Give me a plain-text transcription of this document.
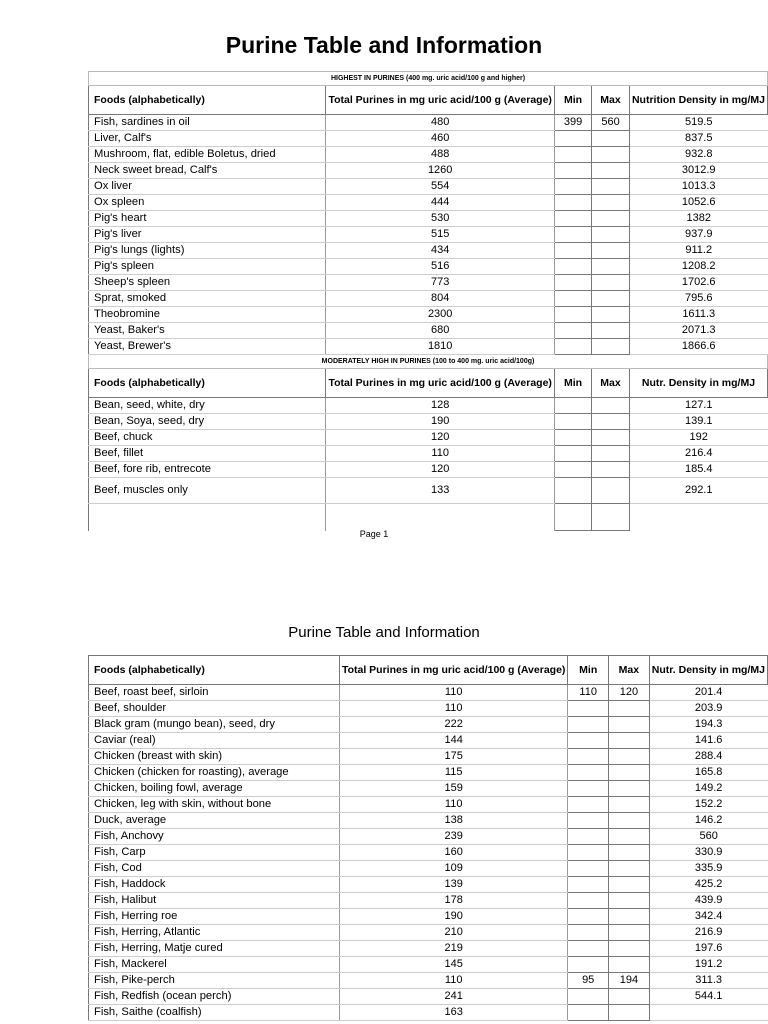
Purine Table and Information
HIGHEST IN PURINES (400 mg. uric acid/100 g and higher)				
Foods (alphabetically)	Total Purines in mg uric acid/100 g (Average)	Min	Max	Nutrition Density in mg/MJ
Fish, sardines in oil	480	399	560	519.5
Liver, Calf's	460			837.5
Mushroom, flat, edible Boletus, dried	488			932.8
Neck sweet bread, Calf's	1260			3012.9
Ox liver	554			1013.3
Ox spleen	444			1052.6
Pig's heart	530			1382
Pig's liver	515			937.9
Pig's lungs (lights)	434			911.2
Pig's spleen	516			1208.2
Sheep's spleen	773			1702.6
Sprat, smoked	804			795.6
Theobromine	2300			1611.3
Yeast, Baker's	680			2071.3
Yeast, Brewer's	1810			1866.6
MODERATELY HIGH IN PURINES (100 to 400 mg. uric acid/100g)				
Foods (alphabetically)	Total Purines in mg uric acid/100 g (Average)	Min	Max	Nutr. Density in mg/MJ
Bean, seed, white, dry	128			127.1
Bean, Soya, seed, dry	190			139.1
Beef, chuck	120			192
Beef, fillet	110			216.4
Beef, fore rib, entrecote	120			185.4
Beef, muscles only	133			292.1

Page 1
Purine Table and Information
Foods (alphabetically)	Total Purines in mg uric acid/100 g (Average)	Min	Max	Nutr. Density in mg/MJ
Beef, roast beef, sirloin	110	110	120	201.4
Beef, shoulder	110			203.9
Black gram (mungo bean), seed, dry	222			194.3
Caviar (real)	144			141.6
Chicken (breast with skin)	175			288.4
Chicken (chicken for roasting), average	115			165.8
Chicken, boiling fowl, average	159			149.2
Chicken, leg with skin, without bone	110			152.2
Duck, average	138			146.2
Fish, Anchovy	239			560
Fish, Carp	160			330.9
Fish, Cod	109			335.9
Fish, Haddock	139			425.2
Fish, Halibut	178			439.9
Fish, Herring roe	190			342.4
Fish, Herring, Atlantic	210			216.9
Fish, Herring, Matje cured	219			197.6
Fish, Mackerel	145			191.2
Fish, Pike-perch	110	95	194	311.3
Fish, Redfish (ocean perch)	241			544.1
Fish, Saithe (coalfish)	163			
